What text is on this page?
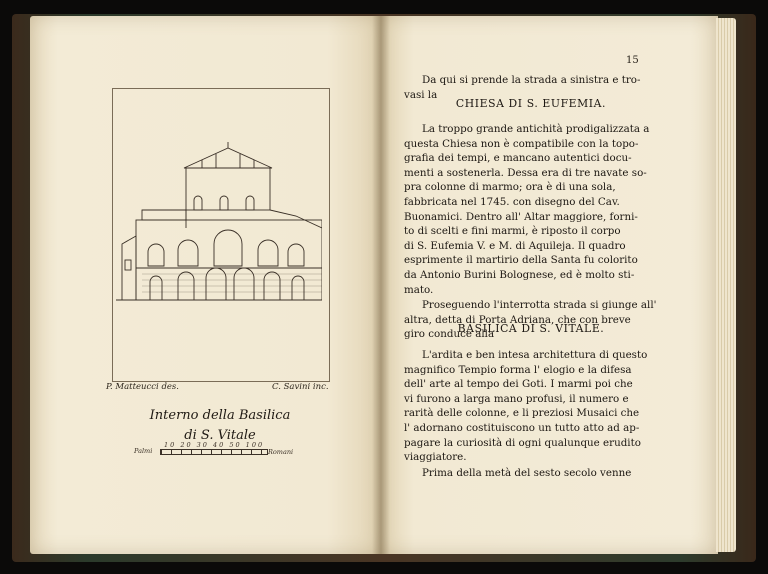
P. Matteucci des.	C. Savini inc.
Interno della Basilica
di S. Vitale
Palmi
10 20 30 40 50 100
Romani
15
Da qui si prende la strada a sinistra e tro-
vasi la
CHIESA DI S. EUFEMIA.
La troppo grande antichità prodigalizzata a
questa Chiesa non è compatibile con la topo-
grafia dei tempi, e mancano autentici docu-
menti a sostenerla. Dessa era di tre navate so-
pra colonne di marmo; ora è di una sola,
fabbricata nel 1745. con disegno del Cav.
Buonamici. Dentro all' Altar maggiore, forni-
to di scelti e fini marmi, è riposto il corpo
di S. Eufemia V. e M. di Aquileja. Il quadro
esprimente il martirio della Santa fu colorito
da Antonio Burini Bolognese, ed è molto sti-
mato.
Proseguendo l'interrotta strada si giunge all'
altra, detta di Porta Adriana, che con breve
giro conduce alla
BASILICA DI S. VITALE.
L'ardita e ben intesa architettura di questo
magnifico Tempio forma l' elogio e la difesa
dell' arte al tempo dei Goti. I marmi poi che
vi furono a larga mano profusi, il numero e
rarità delle colonne, e li preziosi Musaici che
l' adornano costituiscono un tutto atto ad ap-
pagare la curiosità di ogni qualunque erudito
viaggiatore.
Prima della metà del sesto secolo venne
